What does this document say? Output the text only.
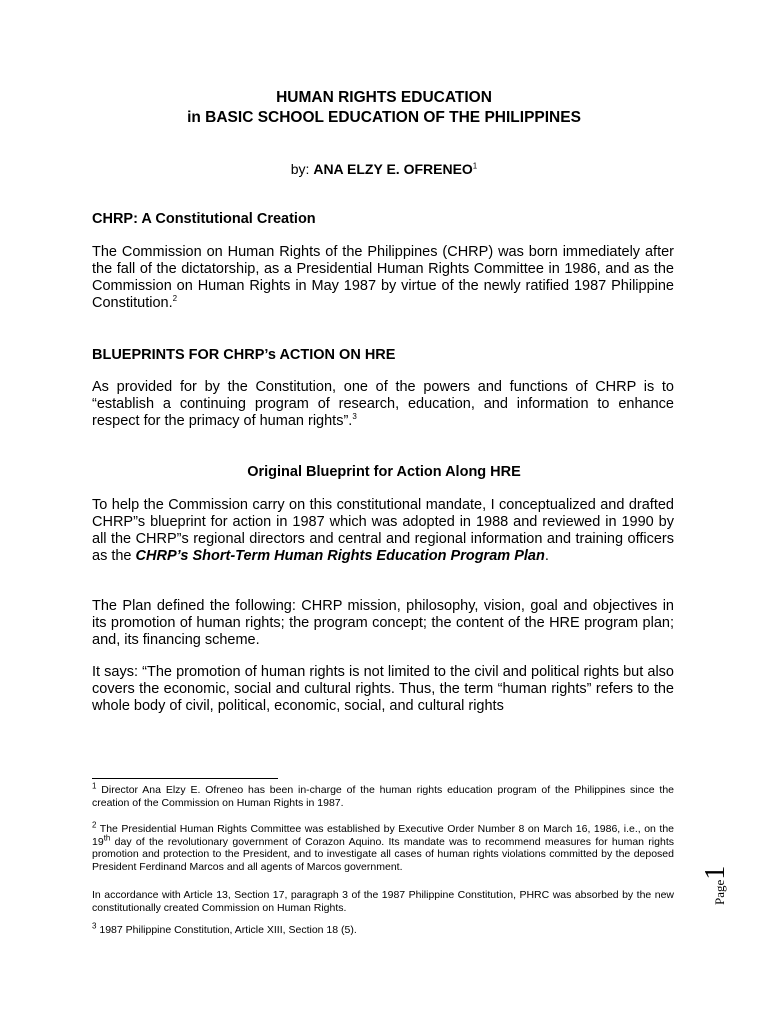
HUMAN RIGHTS EDUCATION
in BASIC SCHOOL EDUCATION OF THE PHILIPPINES
by: ANA ELZY E. OFRENEO$^1$
CHRP: A Constitutional Creation
The Commission on Human Rights of the Philippines (CHRP) was born immediately after the fall of the dictatorship, as a Presidential Human Rights Committee in 1986, and as the Commission on Human Rights in May 1987 by virtue of the newly ratified 1987 Philippine Constitution.$^2$
BLUEPRINTS FOR CHRP’s ACTION ON HRE
As provided for by the Constitution, one of the powers and functions of CHRP is to “establish a continuing program of research, education, and information to enhance respect for the primacy of human rights”.$^3$
Original Blueprint for Action Along HRE
To help the Commission carry on this constitutional mandate, I conceptualized and drafted CHRP”s blueprint for action in 1987 which was adopted in 1988 and reviewed in 1990 by all the CHRP”s regional directors and central and regional information and training officers as the CHRP’s Short-Term Human Rights Education Program Plan.
The Plan defined the following: CHRP mission, philosophy, vision, goal and objectives in its promotion of human rights; the program concept; the content of the HRE program plan; and, its financing scheme.
It says: “The promotion of human rights is not limited to the civil and political rights but also covers the economic, social and cultural rights. Thus, the term “human rights” refers to the whole body of civil, political, economic, social, and cultural rights
$^1$ Director Ana Elzy E. Ofreneo has been in-charge of the human rights education program of the Philippines since the creation of the Commission on Human Rights in 1987.
$^2$ The Presidential Human Rights Committee was established by Executive Order Number 8 on March 16, 1986, i.e., on the 19th day of the revolutionary government of Corazon Aquino. Its mandate was to recommend measures for human rights promotion and protection to the President, and to investigate all cases of human rights violations committed by the deposed President Ferdinand Marcos and all agents of Marcos government.
In accordance with Article 13, Section 17, paragraph 3 of the 1987 Philippine Constitution, PHRC was absorbed by the new constitutionally created Commission on Human Rights.
$^3$ 1987 Philippine Constitution, Article XIII, Section 18 (5).
Page1
